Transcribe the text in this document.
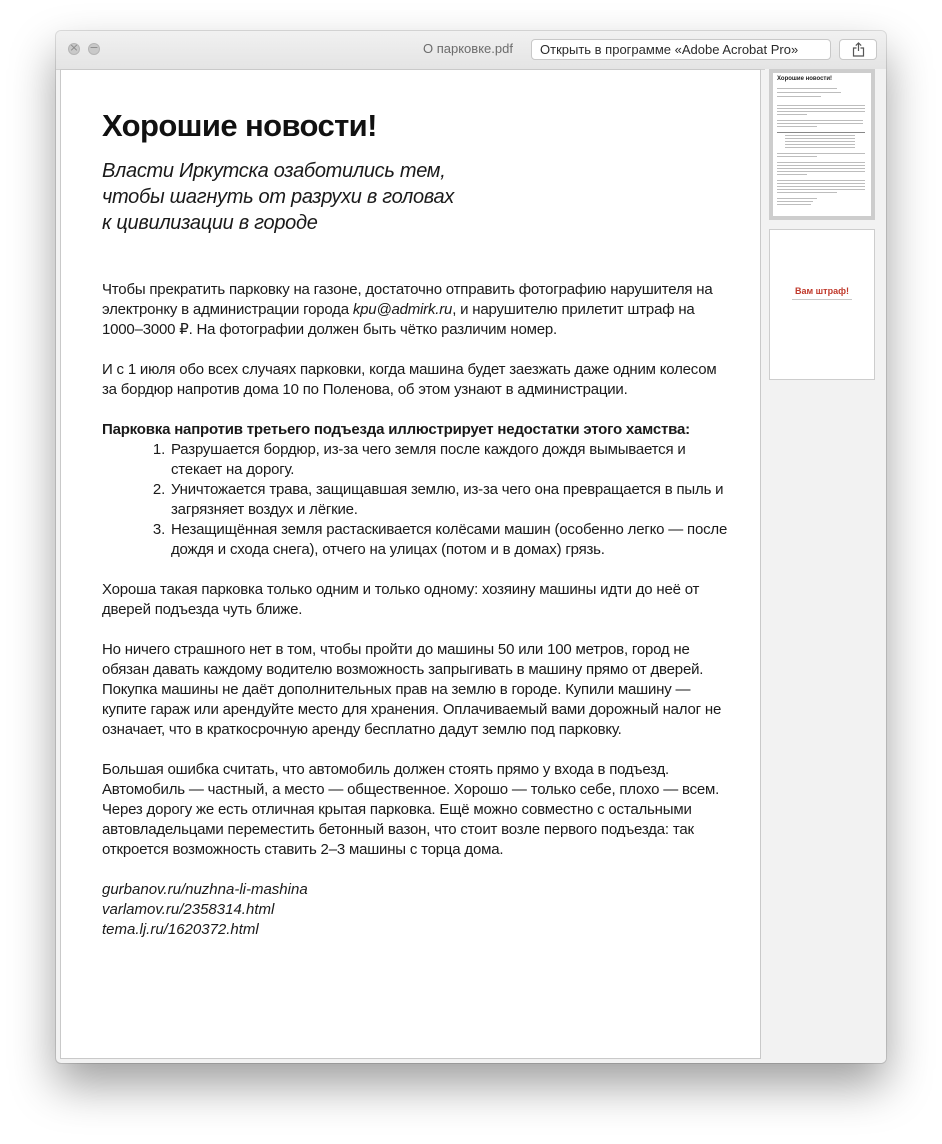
× −	О парковке.pdf	Открыть в программе «Adobe Acrobat Pro»
Хорошие новости!
Власти Иркутска озаботились тем,
чтобы шагнуть от разрухи в головах
к цивилизации в городе

Чтобы прекратить парковку на газоне, достаточно отправить фотографию нарушителя на электронку в администрации города kpu@admirk.ru, и нарушителю прилетит штраф на 1000–3000 ₽. На фотографии должен быть чётко различим номер.

И с 1 июля обо всех случаях парковки, когда машина будет заезжать даже одним колесом за бордюр напротив дома 10 по Поленова, об этом узнают в администрации.

Парковка напротив третьего подъезда иллюстрирует недостатки этого хамства:

1. Разрушается бордюр, из-за чего земля после каждого дождя вымывается и стекает на дорогу.
2. Уничтожается трава, защищавшая землю, из-за чего она превращается в пыль и загрязняет воздух и лёгкие.
3. Незащищённая земля растаскивается колёсами машин (особенно легко — после дождя и схода снега), отчего на улицах (потом и в домах) грязь.

Хороша такая парковка только одним и только одному: хозяину машины идти до неё от дверей подъезда чуть ближе.

Но ничего страшного нет в том, чтобы пройти до машины 50 или 100 метров, город не обязан давать каждому водителю возможность запрыгивать в машину прямо от дверей. Покупка машины не даёт дополнительных прав на землю в городе. Купили машину — купите гараж или арендуйте место для хранения. Оплачиваемый вами дорожный налог не означает, что в краткосрочную аренду бесплатно дадут землю под парковку.

Большая ошибка считать, что автомобиль должен стоять прямо у входа в подъезд. Автомобиль — частный, а место — общественное. Хорошо — только себе, плохо — всем. Через дорогу же есть отличная крытая парковка. Ещё можно совместно с остальными автовладельцами переместить бетонный вазон, что стоит возле первого подъезда: так откроется возможность ставить 2–3 машины с торца дома.

gurbanov.ru/nuzhna-li-mashina
varlamov.ru/2358314.html
tema.lj.ru/1620372.html
Хорошие новости!
Вам штраф!
